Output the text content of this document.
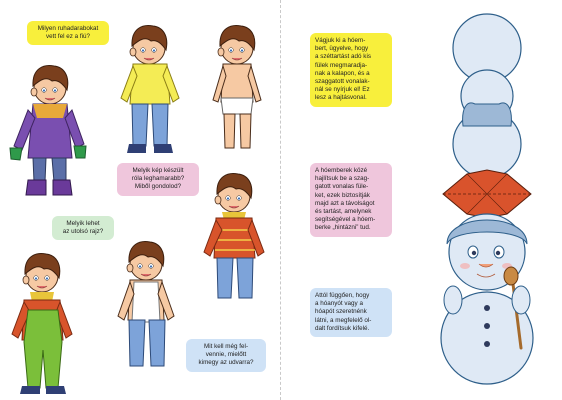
Milyen ruhadarabokat
vett fel ez a fiú?
Melyik kép készült
róla leghamarabb?
Miből gondolod?
Melyik lehet
az utolsó rajz?
Mit kell még fel-
vennie, mielőtt
kimegy az udvarra?
Vágjuk ki a hóem-
bert, ügyelve, hogy
a széttartást adó kis
fülek megmaradja-
nak a kalapon, és a
szaggatott vonalak-
nál se nyírjuk el! Ez
lesz a hajtásvonal.
A hóemberek közé
hajlítsuk be a szag-
gatott vonalas füle-
ket, ezek biztosítják
majd azt a távolságot
és tartást, amelynek
segítségével a hóem-
berke „hintázni” tud.
Attól függően, hogy
a hóanyót vagy a
hóapót szeretnénk
látni, a megfelelő ol-
dalt fordítsuk kifelé.
